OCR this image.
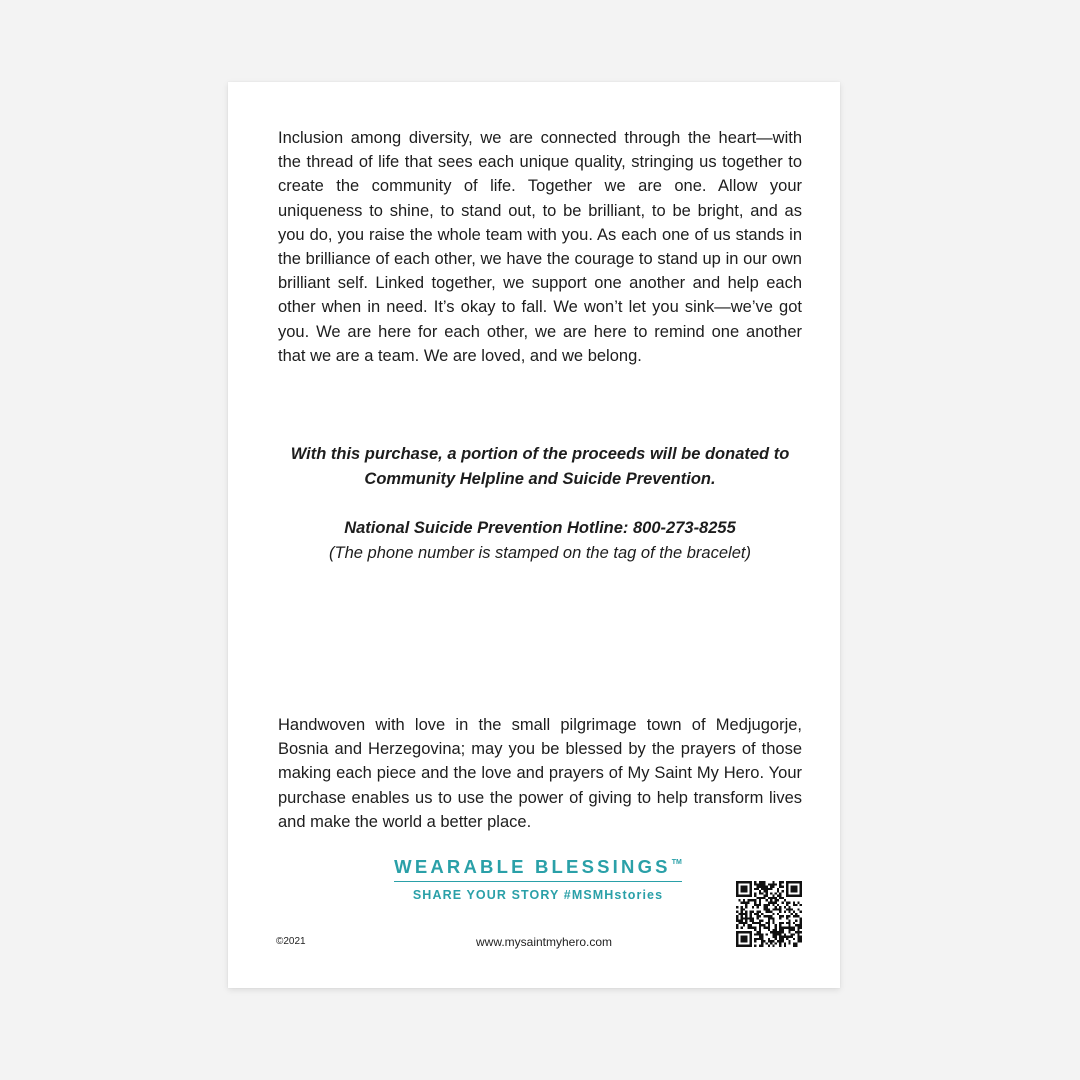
Inclusion among diversity, we are connected through the heart—with the thread of life that sees each unique quality, stringing us together to create the community of life. Together we are one. Allow your uniqueness to shine, to stand out, to be brilliant, to be bright, and as you do, you raise the whole team with you. As each one of us stands in the brilliance of each other, we have the courage to stand up in our own brilliant self. Linked together, we support one another and help each other when in need. It’s okay to fall. We won’t let you sink—we’ve got you. We are here for each other, we are here to remind one another that we are a team. We are loved, and we belong.

With this purchase, a portion of the proceeds will be donated to
Community Helpline and Suicide Prevention.
National Suicide Prevention Hotline: 800-273-8255
(The phone number is stamped on the tag of the bracelet)

Handwoven with love in the small pilgrimage town of Medjugorje, Bosnia and Herzegovina; may you be blessed by the prayers of those making each piece and the love and prayers of My Saint My Hero. Your purchase enables us to use the power of giving to help transform lives and make the world a better place.

WEARABLE BLESSINGS™
SHARE YOUR STORY #MSMHstories
©2021	www.mysaintmyhero.com
